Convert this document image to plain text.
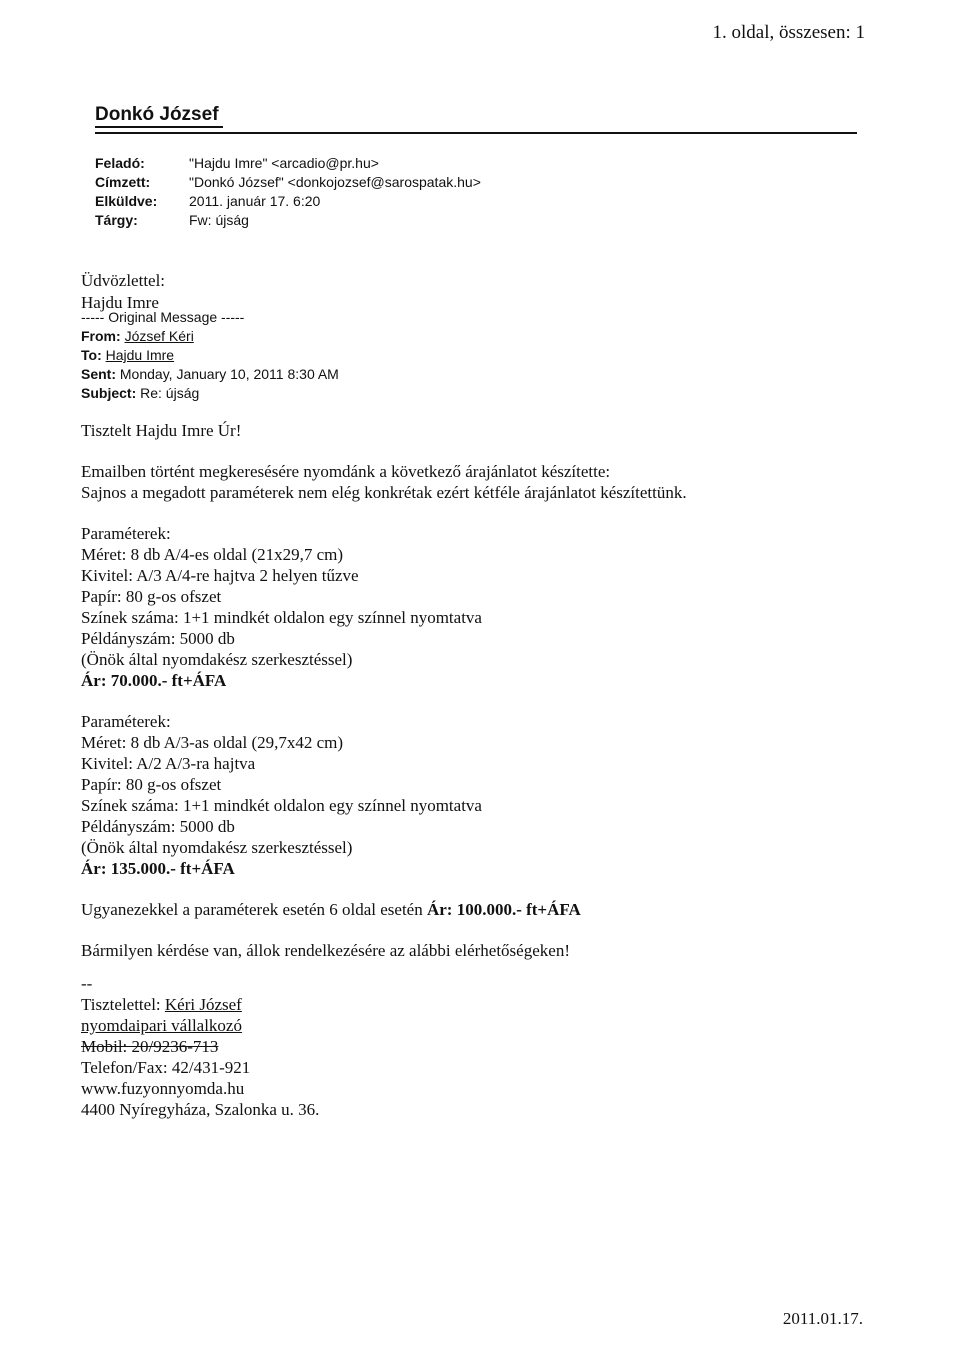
1. oldal, összesen: 1
Donkó József
Feladó:	"Hajdu Imre" <arcadio@pr.hu>
Címzett:	"Donkó József" <donkojozsef@sarospatak.hu>
Elküldve:	2011. január 17. 6:20
Tárgy:	Fw: újság
Üdvözlettel:
Hajdu Imre
----- Original Message -----
From: József Kéri
To: Hajdu Imre
Sent: Monday, January 10, 2011 8:30 AM
Subject: Re: újság

Tisztelt Hajdu Imre Úr!

Emailben történt megkeresésére nyomdánk a következő árajánlatot készítette:

Sajnos a megadott paraméterek nem elég konkrétak ezért kétféle árajánlatot készítettünk.

Paraméterek:

Méret: 8 db A/4-es oldal (21x29,7 cm)

Kivitel: A/3 A/4-re hajtva 2 helyen tűzve

Papír: 80 g-os ofszet

Színek száma: 1+1 mindkét oldalon egy színnel nyomtatva

Példányszám: 5000 db

(Önök által nyomdakész szerkesztéssel)

Ár: 70.000.- ft+ÁFA

Paraméterek:

Méret: 8 db A/3-as oldal (29,7x42 cm)

Kivitel: A/2 A/3-ra hajtva

Papír: 80 g-os ofszet

Színek száma: 1+1 mindkét oldalon egy színnel nyomtatva

Példányszám: 5000 db

(Önök által nyomdakész szerkesztéssel)

Ár: 135.000.- ft+ÁFA

Ugyanezekkel a paraméterek esetén 6 oldal esetén Ár: 100.000.- ft+ÁFA

Bármilyen kérdése van, állok rendelkezésére az alábbi elérhetőségeken!

--

Tisztelettel: Kéri József

nyomdaipari vállalkozó

Mobil: 20/9236-713

Telefon/Fax: 42/431-921

www.fuzyonnyomda.hu

4400 Nyíregyháza, Szalonka u. 36.

2011.01.17.
